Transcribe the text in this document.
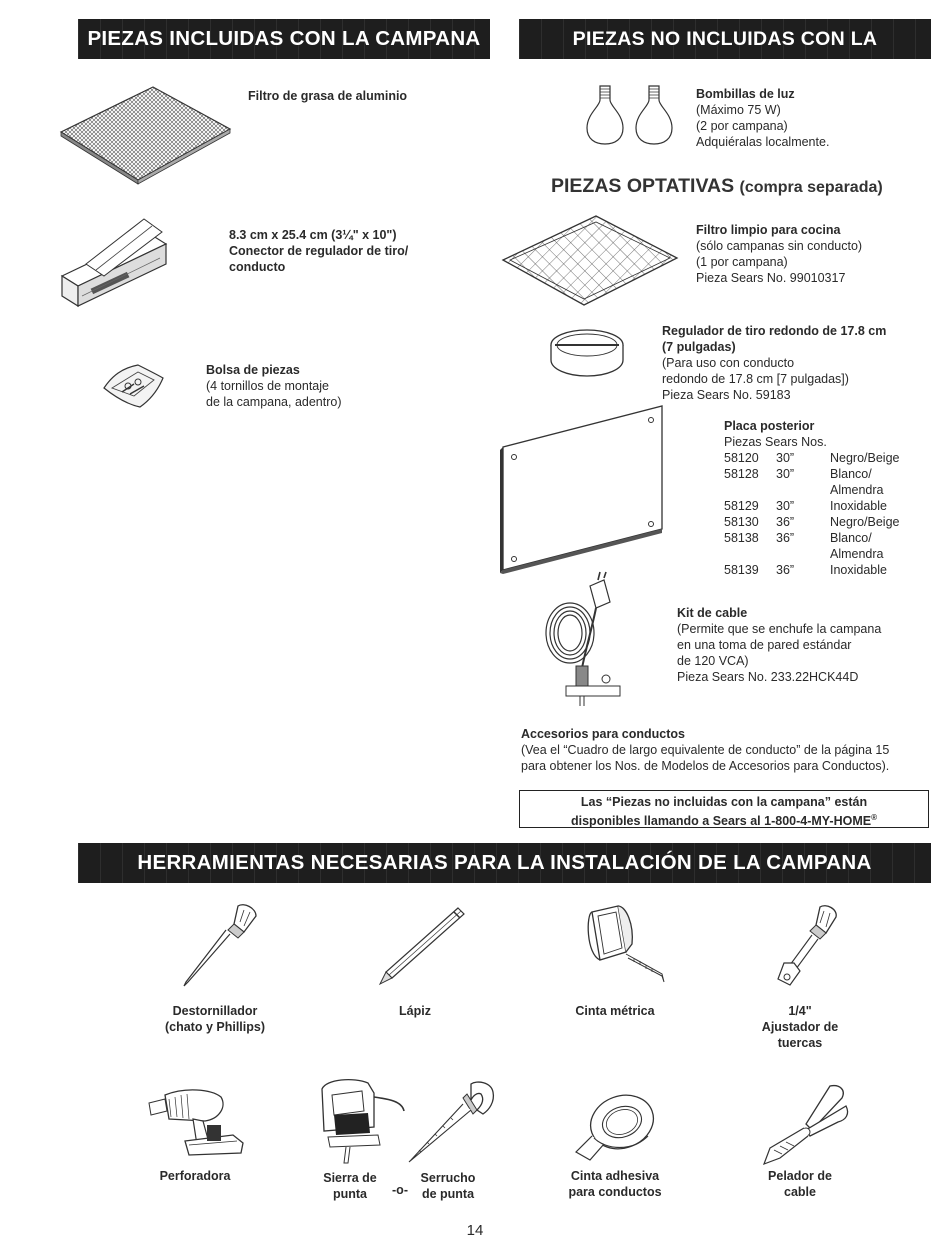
PIEZAS INCLUIDAS CON LA CAMPANA	PIEZAS NO INCLUIDAS CON LA CAMPANA*
Filtro de grasa de aluminio
8.3 cm x 25.4 cm (3¼" x 10")
Conector de regulador de tiro/
conducto
Bolsa de piezas
(4 tornillos de montaje
de la campana, adentro)
Bombillas de luz
(Máximo 75 W)
(2 por campana)
Adquiéralas localmente.
PIEZAS OPTATIVAS (compra separada)
Filtro limpio para cocina
(sólo campanas sin conducto)
(1 por campana)
Pieza Sears No. 99010317
Regulador de tiro redondo de 17.8 cm
(7 pulgadas)
(Para uso con conducto
redondo de 17.8 cm [7 pulgadas])
Pieza Sears No. 59183
Placa posterior
Piezas Sears Nos.
58120	30”	Negro/Beige
58128	30”	Blanco/
Almendra
58129	30”	Inoxidable
58130	36”	Negro/Beige
58138	36”	Blanco/
Almendra
58139	36”	Inoxidable
Kit de cable
(Permite que se enchufe la campana
en una toma de pared estándar
de 120 VCA)
Pieza Sears No. 233.22HCK44D
Accesorios para conductos
(Vea el “Cuadro de largo equivalente de conducto” de la página 15
para obtener los Nos. de Modelos de Accesorios para Conductos).
Las “Piezas no incluidas con la campana” están
disponibles llamando a Sears al 1-800-4-MY-HOME®
HERRAMIENTAS NECESARIAS PARA LA INSTALACIÓN DE LA CAMPANA
Destornillador
(chato y Phillips)
Lápiz	Cinta métrica	1/4"
Ajustador de
tuercas
Perforadora	Sierra de
punta	-o-
Serrucho
de punta
Cinta adhesiva
para conductos
Pelador de
cable
14
